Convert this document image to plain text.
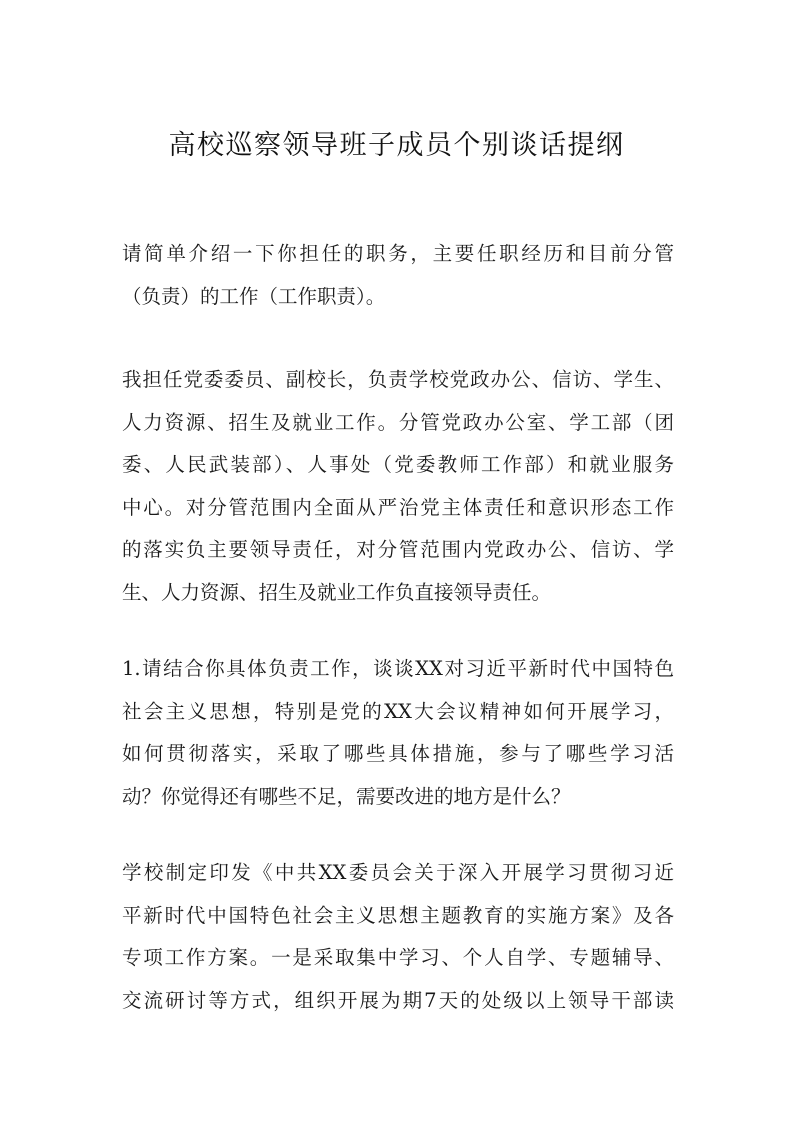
高校巡察领导班子成员个别谈话提纲
请简单介绍一下你担任的职务，主要任职经历和目前分管
（负责）的工作（工作职责）。
我担任党委委员、副校长，负责学校党政办公、信访、学生、
人力资源、招生及就业工作。分管党政办公室、学工部（团
委、人民武装部）、人事处（党委教师工作部）和就业服务
中心。对分管范围内全面从严治党主体责任和意识形态工作
的落实负主要领导责任，对分管范围内党政办公、信访、学
生、人力资源、招生及就业工作负直接领导责任。
1.请结合你具体负责工作，谈谈XX对习近平新时代中国特色
社会主义思想，特别是党的XX大会议精神如何开展学习，
如何贯彻落实，采取了哪些具体措施，参与了哪些学习活
动？你觉得还有哪些不足，需要改进的地方是什么？
学校制定印发《中共XX委员会关于深入开展学习贯彻习近
平新时代中国特色社会主义思想主题教育的实施方案》及各
专项工作方案。一是采取集中学习、个人自学、专题辅导、
交流研讨等方式，组织开展为期7天的处级以上领导干部读
